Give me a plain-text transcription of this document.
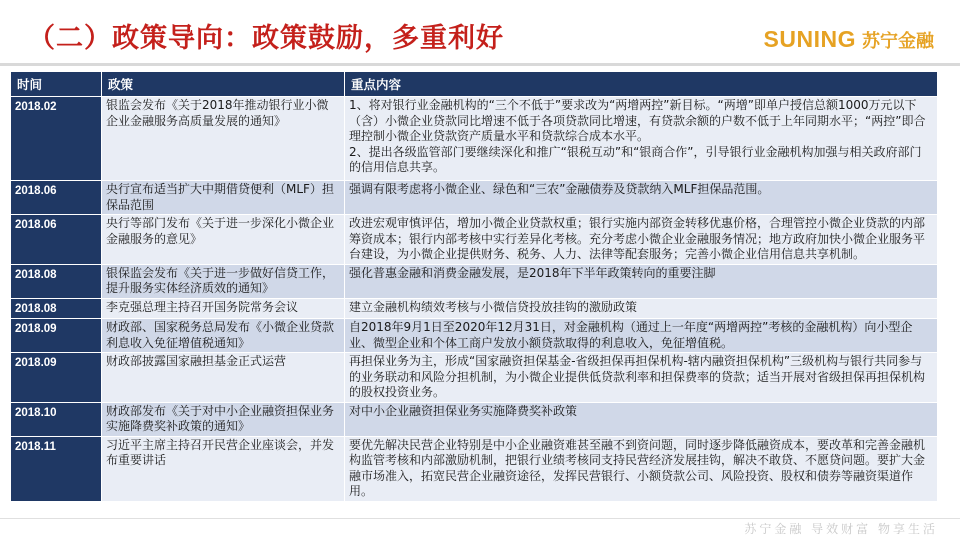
（二）政策导向：政策鼓励，多重利好	SUNING 苏宁金融
时间	政策	重点内容
2018.02	银监会发布《关于2018年推动银行业小微企业金融服务高质量发展的通知》	1、将对银行业金融机构的“三个不低于”要求改为“两增两控”新目标。“两增”即单户授信总额1000万元以下（含）小微企业贷款同比增速不低于各项贷款同比增速，有贷款余额的户数不低于上年同期水平；“两控”即合理控制小微企业贷款资产质量水平和贷款综合成本水平。
2、提出各级监管部门要继续深化和推广“银税互动”和“银商合作”，引导银行业金融机构加强与相关政府部门的信用信息共享。

2018.06	央行宣布适当扩大中期借贷便利（MLF）担保品范围	强调有限考虑将小微企业、绿色和“三农”金融债券及贷款纳入MLF担保品范围。
2018.06	央行等部门发布《关于进一步深化小微企业金融服务的意见》	改进宏观审慎评估，增加小微企业贷款权重；银行实施内部资金转移优惠价格，合理管控小微企业贷款的内部筹资成本；银行内部考核中实行差异化考核。充分考虑小微企业金融服务情况；地方政府加快小微企业服务平台建设，为小微企业提供财务、税务、人力、法律等配套服务；完善小微企业信用信息共享机制。
2018.08	银保监会发布《关于进一步做好信贷工作，提升服务实体经济质效的通知》	强化普惠金融和消费金融发展，是2018年下半年政策转向的重要注脚
2018.08	李克强总理主持召开国务院常务会议	建立金融机构绩效考核与小微信贷投放挂钩的激励政策
2018.09	财政部、国家税务总局发布《小微企业贷款利息收入免征增值税通知》	自2018年9月1日至2020年12月31日，对金融机构（通过上一年度“两增两控”考核的金融机构）向小型企业、微型企业和个体工商户发放小额贷款取得的利息收入，免征增值税。
2018.09	财政部披露国家融担基金正式运营	再担保业务为主，形成“国家融资担保基金-省级担保再担保机构-辖内融资担保机构”三级机构与银行共同参与的业务联动和风险分担机制，为小微企业提供低贷款利率和担保费率的贷款；适当开展对省级担保再担保机构的股权投资业务。
2018.10	财政部发布《关于对中小企业融资担保业务实施降费奖补政策的通知》	对中小企业融资担保业务实施降费奖补政策
2018.11	习近平主席主持召开民营企业座谈会，并发布重要讲话	要优先解决民营企业特别是中小企业融资难甚至融不到资问题，同时逐步降低融资成本，要改革和完善金融机构监管考核和内部激励机制，把银行业绩考核同支持民营经济发展挂钩，解决不敢贷、不愿贷问题。要扩大金融市场准入，拓宽民营企业融资途径，发挥民营银行、小额贷款公司、风险投资、股权和债券等融资渠道作用。
苏宁金融 导效财富 物享生活
